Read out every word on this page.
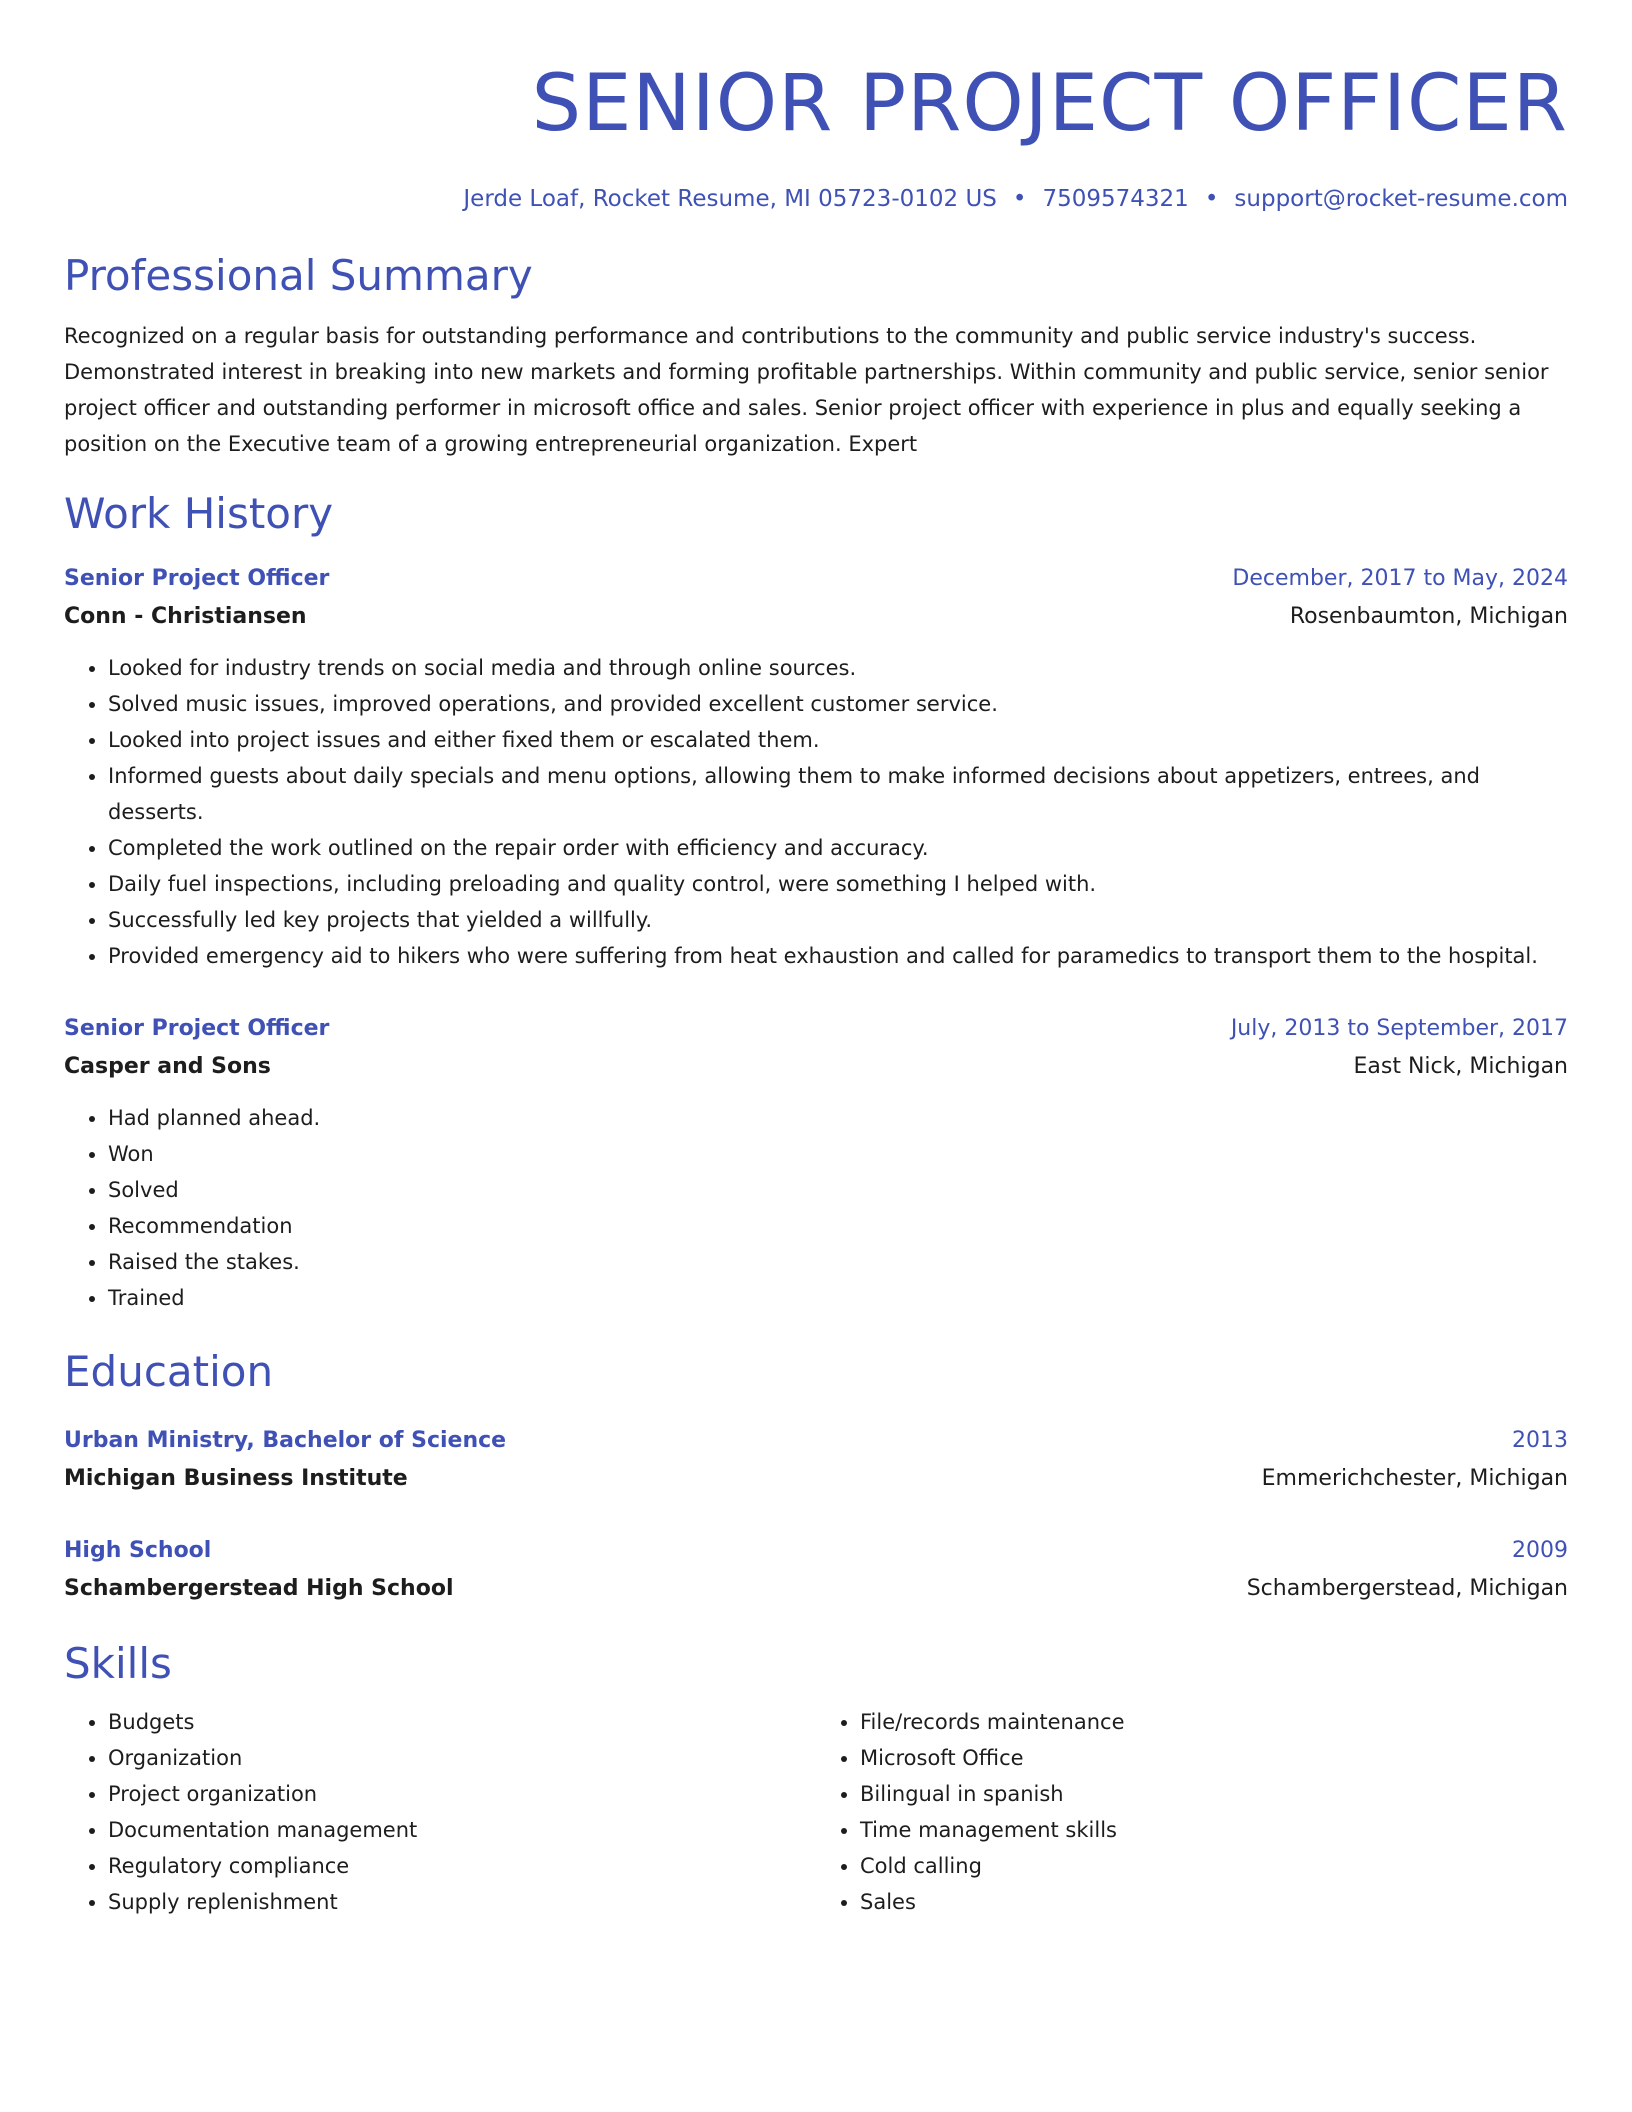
SENIOR PROJECT OFFICER
Jerde Loaf, Rocket Resume, MI 05723-0102 US • 7509574321 • support@rocket-resume.com
Professional Summary
Recognized on a regular basis for outstanding performance and contributions to the community and public service industry's success. Demonstrated interest in breaking into new markets and forming profitable partnerships. Within community and public service, senior senior project officer and outstanding performer in microsoft office and sales. Senior project officer with experience in plus and equally seeking a position on the Executive team of a growing entrepreneurial organization. Expert
Work History
Senior Project Officer	December, 2017 to May, 2024
Conn - Christiansen	Rosenbaumton, Michigan
• Looked for industry trends on social media and through online sources.
• Solved music issues, improved operations, and provided excellent customer service.
• Looked into project issues and either fixed them or escalated them.
• Informed guests about daily specials and menu options, allowing them to make informed decisions about appetizers, entrees, and desserts.
• Completed the work outlined on the repair order with efficiency and accuracy.
• Daily fuel inspections, including preloading and quality control, were something I helped with.
• Successfully led key projects that yielded a willfully.
• Provided emergency aid to hikers who were suffering from heat exhaustion and called for paramedics to transport them to the hospital.
Senior Project Officer	July, 2013 to September, 2017
Casper and Sons	East Nick, Michigan
• Had planned ahead.
• Won
• Solved
• Recommendation
• Raised the stakes.
• Trained
Education
Urban Ministry, Bachelor of Science	2013
Michigan Business Institute	Emmerichchester, Michigan
High School	2009
Schambergerstead High School	Schambergerstead, Michigan
Skills
• Budgets
• Organization
• Project organization
• Documentation management
• Regulatory compliance
• Supply replenishment
• File/records maintenance
• Microsoft Office
• Bilingual in spanish
• Time management skills
• Cold calling
• Sales
